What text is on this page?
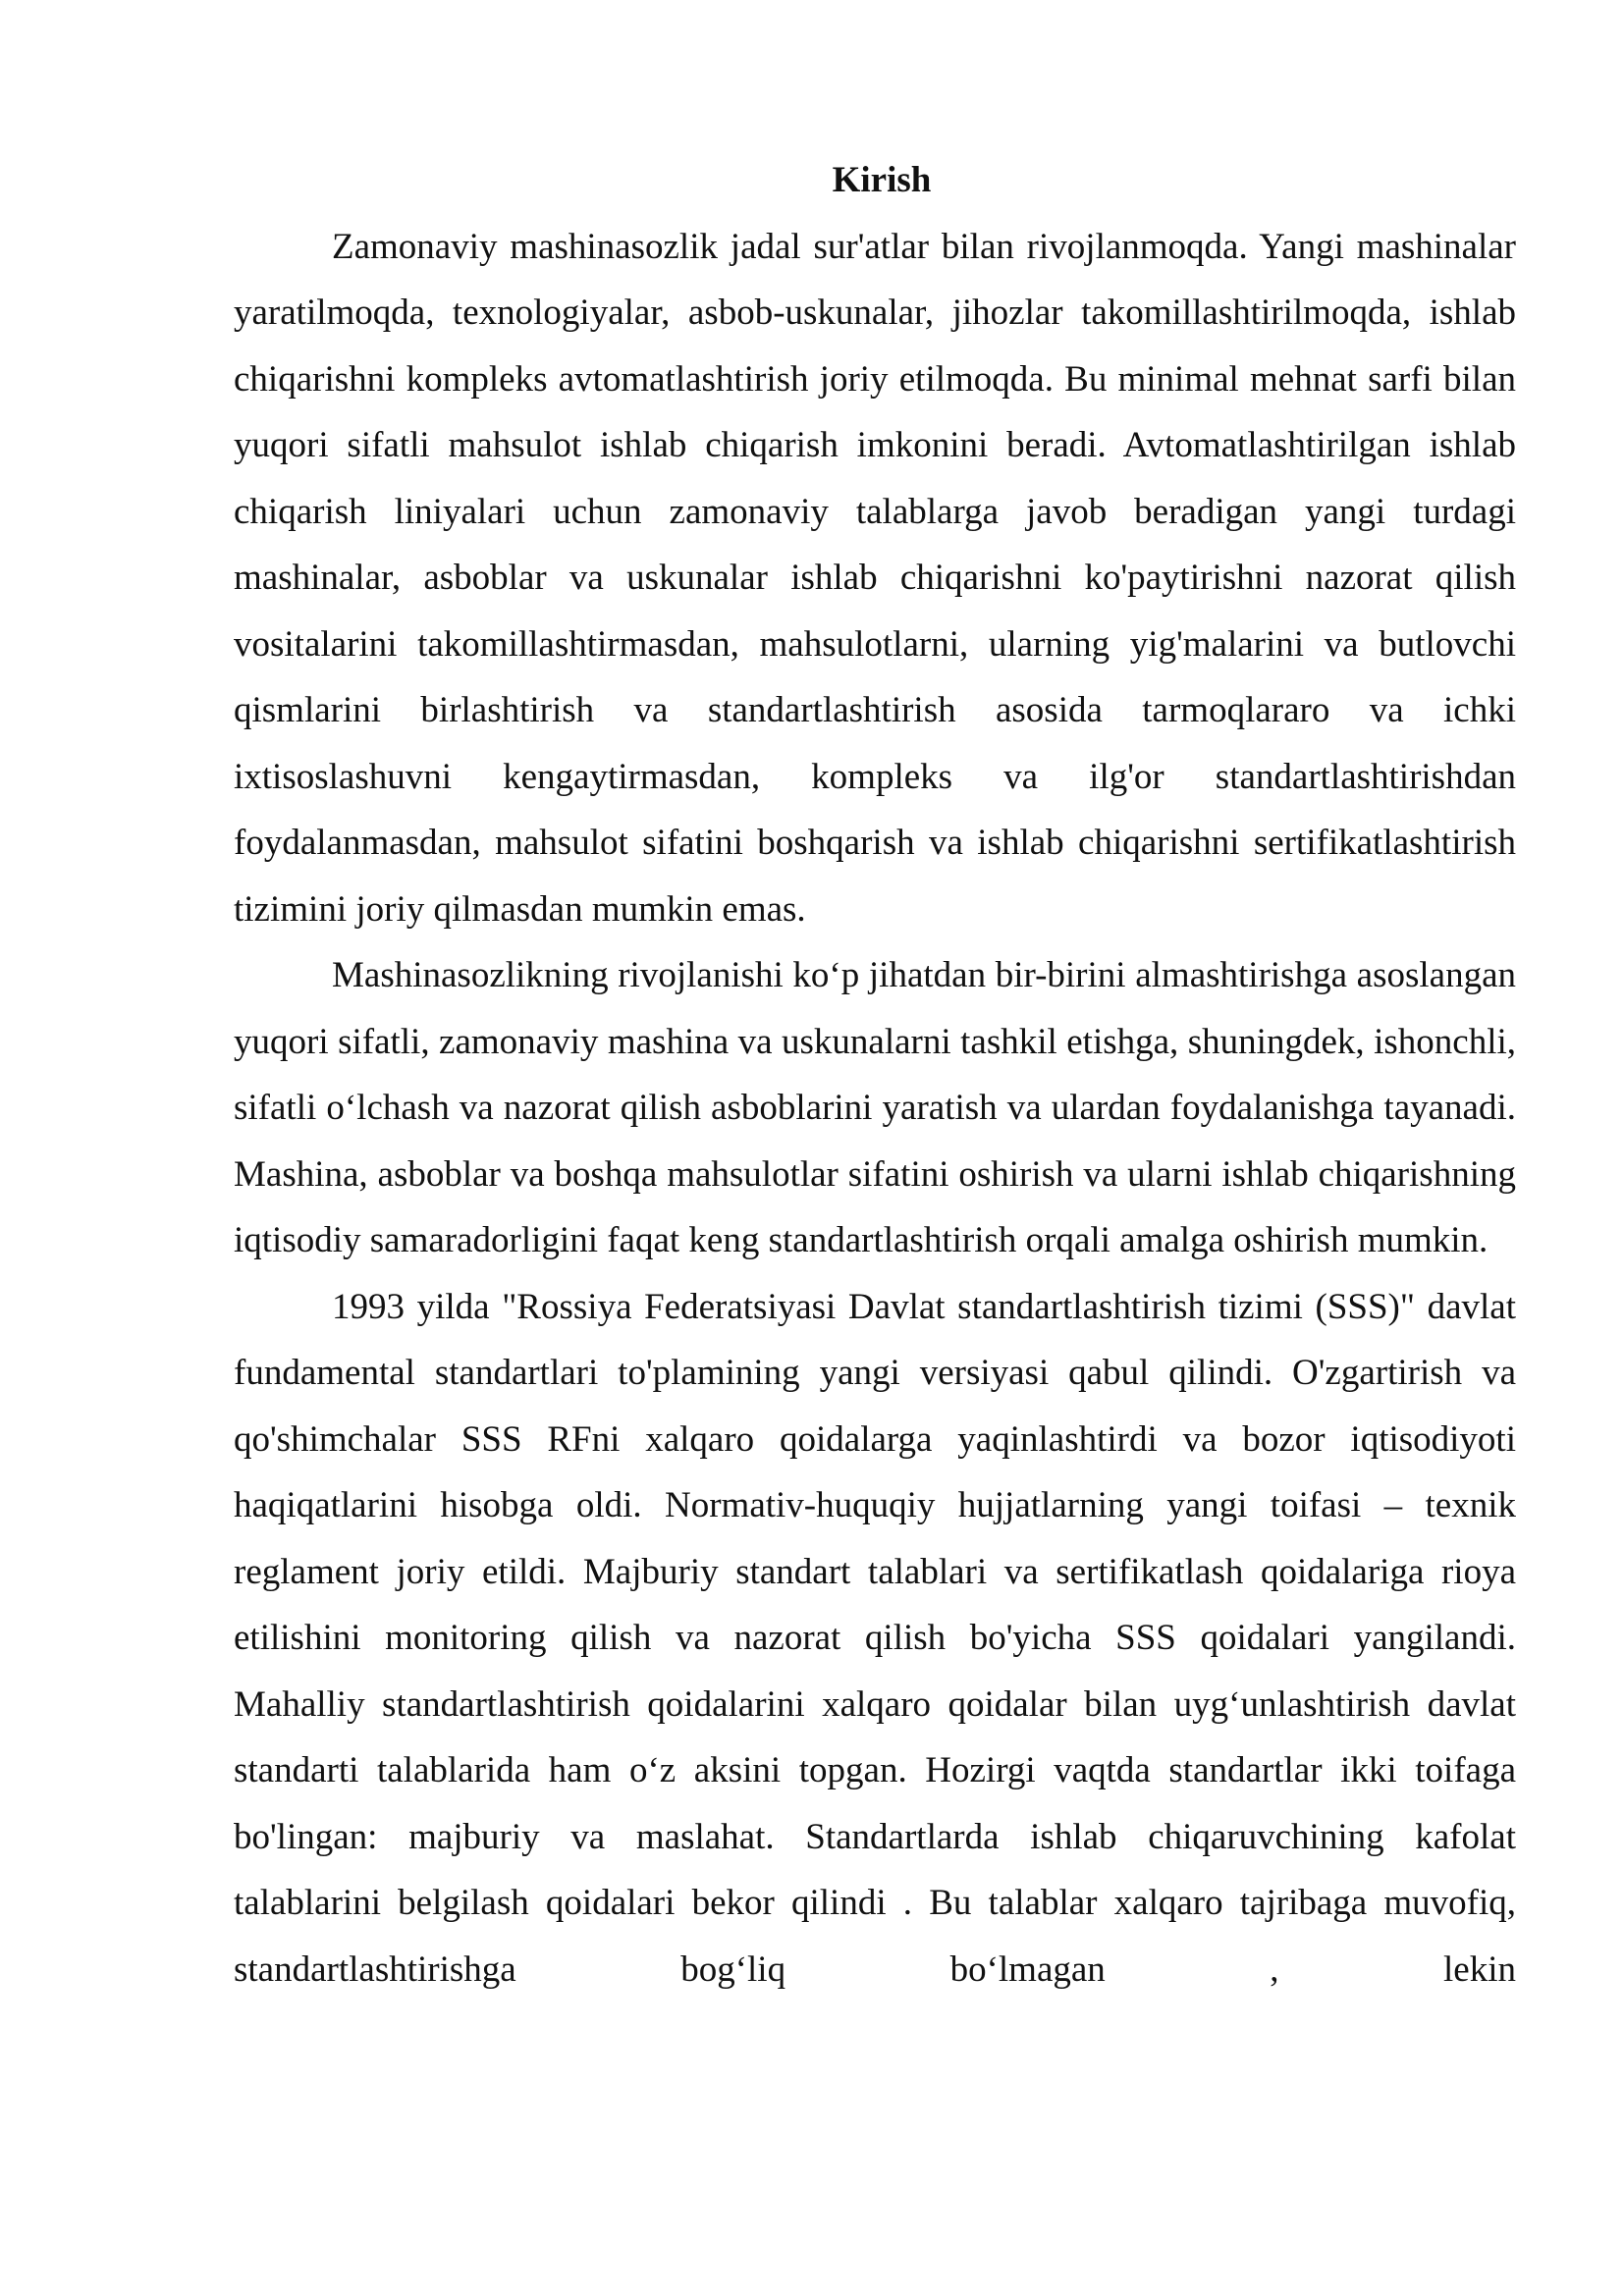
Kirish

Zamonaviy mashinasozlik jadal sur'atlar bilan rivojlanmoqda. Yangi mashinalar yaratilmoqda, texnologiyalar, asbob-uskunalar, jihozlar takomillashtirilmoqda, ishlab chiqarishni kompleks avtomatlashtirish joriy etilmoqda. Bu minimal mehnat sarfi bilan yuqori sifatli mahsulot ishlab chiqarish imkonini beradi. Avtomatlashtirilgan ishlab chiqarish liniyalari uchun zamonaviy talablarga javob beradigan yangi turdagi mashinalar, asboblar va uskunalar ishlab chiqarishni ko'paytirishni nazorat qilish vositalarini takomillashtirmasdan, mahsulotlarni, ularning yig'malarini va butlovchi qismlarini birlashtirish va standartlashtirish asosida tarmoqlararo va ichki ixtisoslashuvni kengaytirmasdan, kompleks va ilg'or standartlashtirishdan foydalanmasdan, mahsulot sifatini boshqarish va ishlab chiqarishni sertifikatlashtirish tizimini joriy qilmasdan mumkin emas.

Mashinasozlikning rivojlanishi ko‘p jihatdan bir-birini almashtirishga asoslangan yuqori sifatli, zamonaviy mashina va uskunalarni tashkil etishga, shuningdek, ishonchli, sifatli o‘lchash va nazorat qilish asboblarini yaratish va ulardan foydalanishga tayanadi. Mashina, asboblar va boshqa mahsulotlar sifatini oshirish va ularni ishlab chiqarishning iqtisodiy samaradorligini faqat keng standartlashtirish orqali amalga oshirish mumkin.

1993 yilda "Rossiya Federatsiyasi Davlat standartlashtirish tizimi (SSS)" davlat fundamental standartlari to'plamining yangi versiyasi qabul qilindi. O'zgartirish va qo'shimchalar SSS RFni xalqaro qoidalarga yaqinlashtirdi va bozor iqtisodiyoti haqiqatlarini hisobga oldi. Normativ-huquqiy hujjatlarning yangi toifasi – texnik reglament joriy etildi. Majburiy standart talablari va sertifikatlash qoidalariga rioya etilishini monitoring qilish va nazorat qilish bo'yicha SSS qoidalari yangilandi. Mahalliy standartlashtirish qoidalarini xalqaro qoidalar bilan uyg‘unlashtirish davlat standarti talablarida ham o‘z aksini topgan. Hozirgi vaqtda standartlar ikki toifaga bo'lingan: majburiy va maslahat. Standartlarda ishlab chiqaruvchining kafolat talablarini belgilash qoidalari bekor qilindi . Bu talablar xalqaro tajribaga muvofiq, standartlashtirishga bog‘liq bo‘lmagan , lekin
